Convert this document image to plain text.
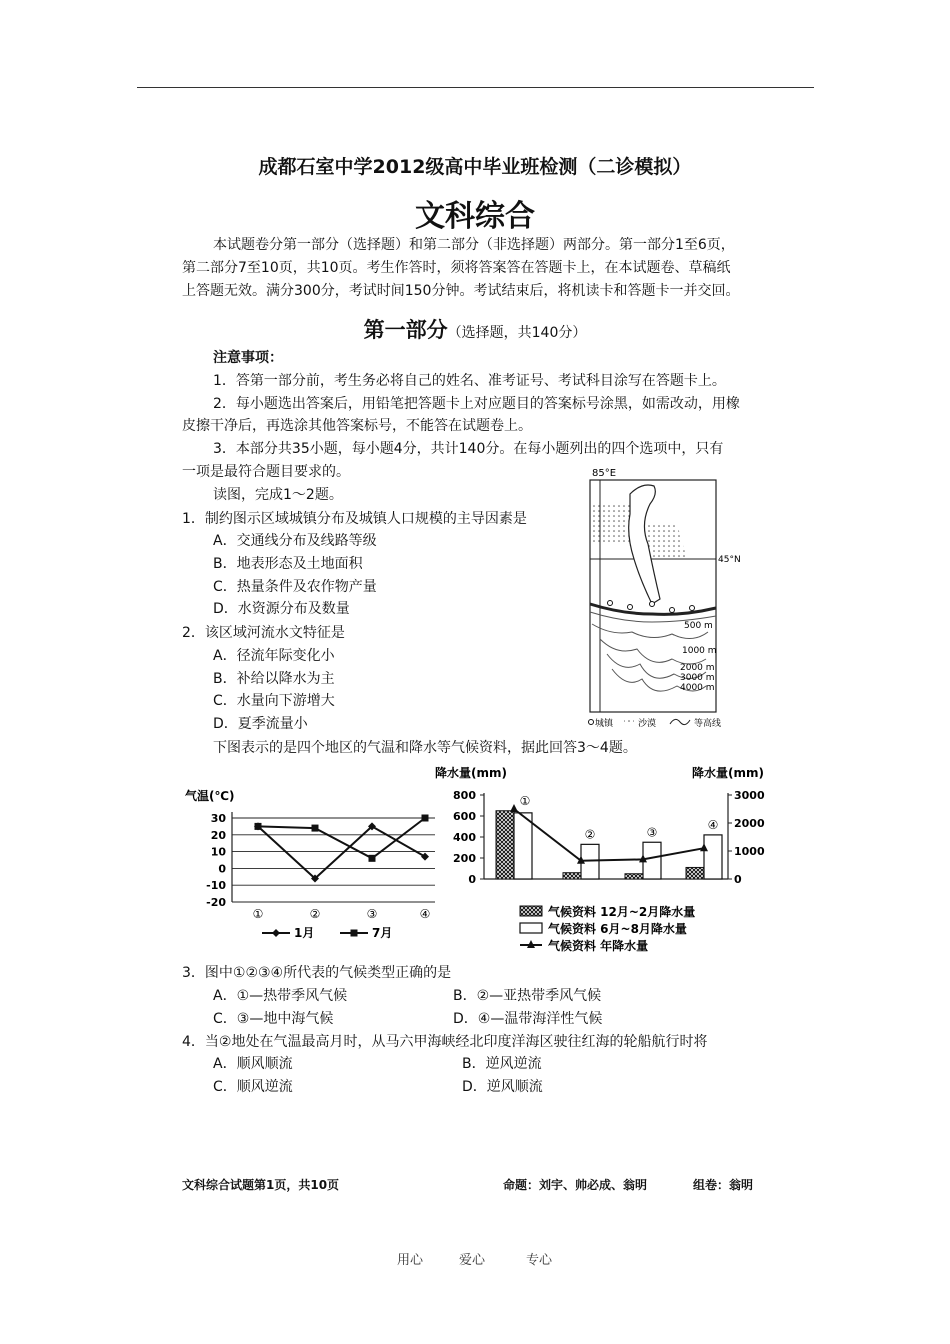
成都石室中学2012级高中毕业班检测（二诊模拟）
文科综合
本试题卷分第一部分（选择题）和第二部分（非选择题）两部分。第一部分1至6页，
第二部分7至10页，共10页。考生作答时，须将答案答在答题卡上，在本试题卷、草稿纸
上答题无效。满分300分，考试时间150分钟。考试结束后，将机读卡和答题卡一并交回。
第一部分（选择题，共140分）
注意事项：
1．答第一部分前，考生务必将自己的姓名、准考证号、考试科目涂写在答题卡上。
2．每小题选出答案后，用铅笔把答题卡上对应题目的答案标号涂黑，如需改动，用橡
皮擦干净后，再选涂其他答案标号，不能答在试题卷上。
3．本部分共35小题，每小题4分，共计140分。在每小题列出的四个选项中，只有
一项是最符合题目要求的。
读图，完成1～2题。
1．制约图示区域城镇分布及城镇人口规模的主导因素是
A．交通线分布及线路等级
B．地表形态及土地面积
C．热量条件及农作物产量
D．水资源分布及数量
2．该区域河流水文特征是
A．径流年际变化小
B．补给以降水为主
C．水量向下游增大
D．夏季流量小
85°E
45°N
500 m
1000 m
2000 m
3000 m
4000 m
城镇	沙漠	等高线
下图表示的是四个地区的气温和降水等气候资料，据此回答3～4题。
气温(℃)
30
20
10
0
-10
-20
①	②	③	④
1月	7月
降水量(mm)	降水量(mm)
800
600
400
200
0
3000
2000
1000
0
①
②	③
④
气候资料 12月~2月降水量
气候资料 6月~8月降水量
气候资料 年降水量
3．图中①②③④所代表的气候类型正确的是
A．①—热带季风气候	B．②—亚热带季风气候
C．③—地中海气候	D．④—温带海洋性气候
4．当②地处在气温最高月时，从马六甲海峡经北印度洋海区驶往红海的轮船航行时将
A．顺风顺流	B．逆风逆流
C．顺风逆流	D．逆风顺流
文科综合试题第1页，共10页	命题：刘宇、帅必成、翁明	组卷：翁明
用心	爱心	专心
